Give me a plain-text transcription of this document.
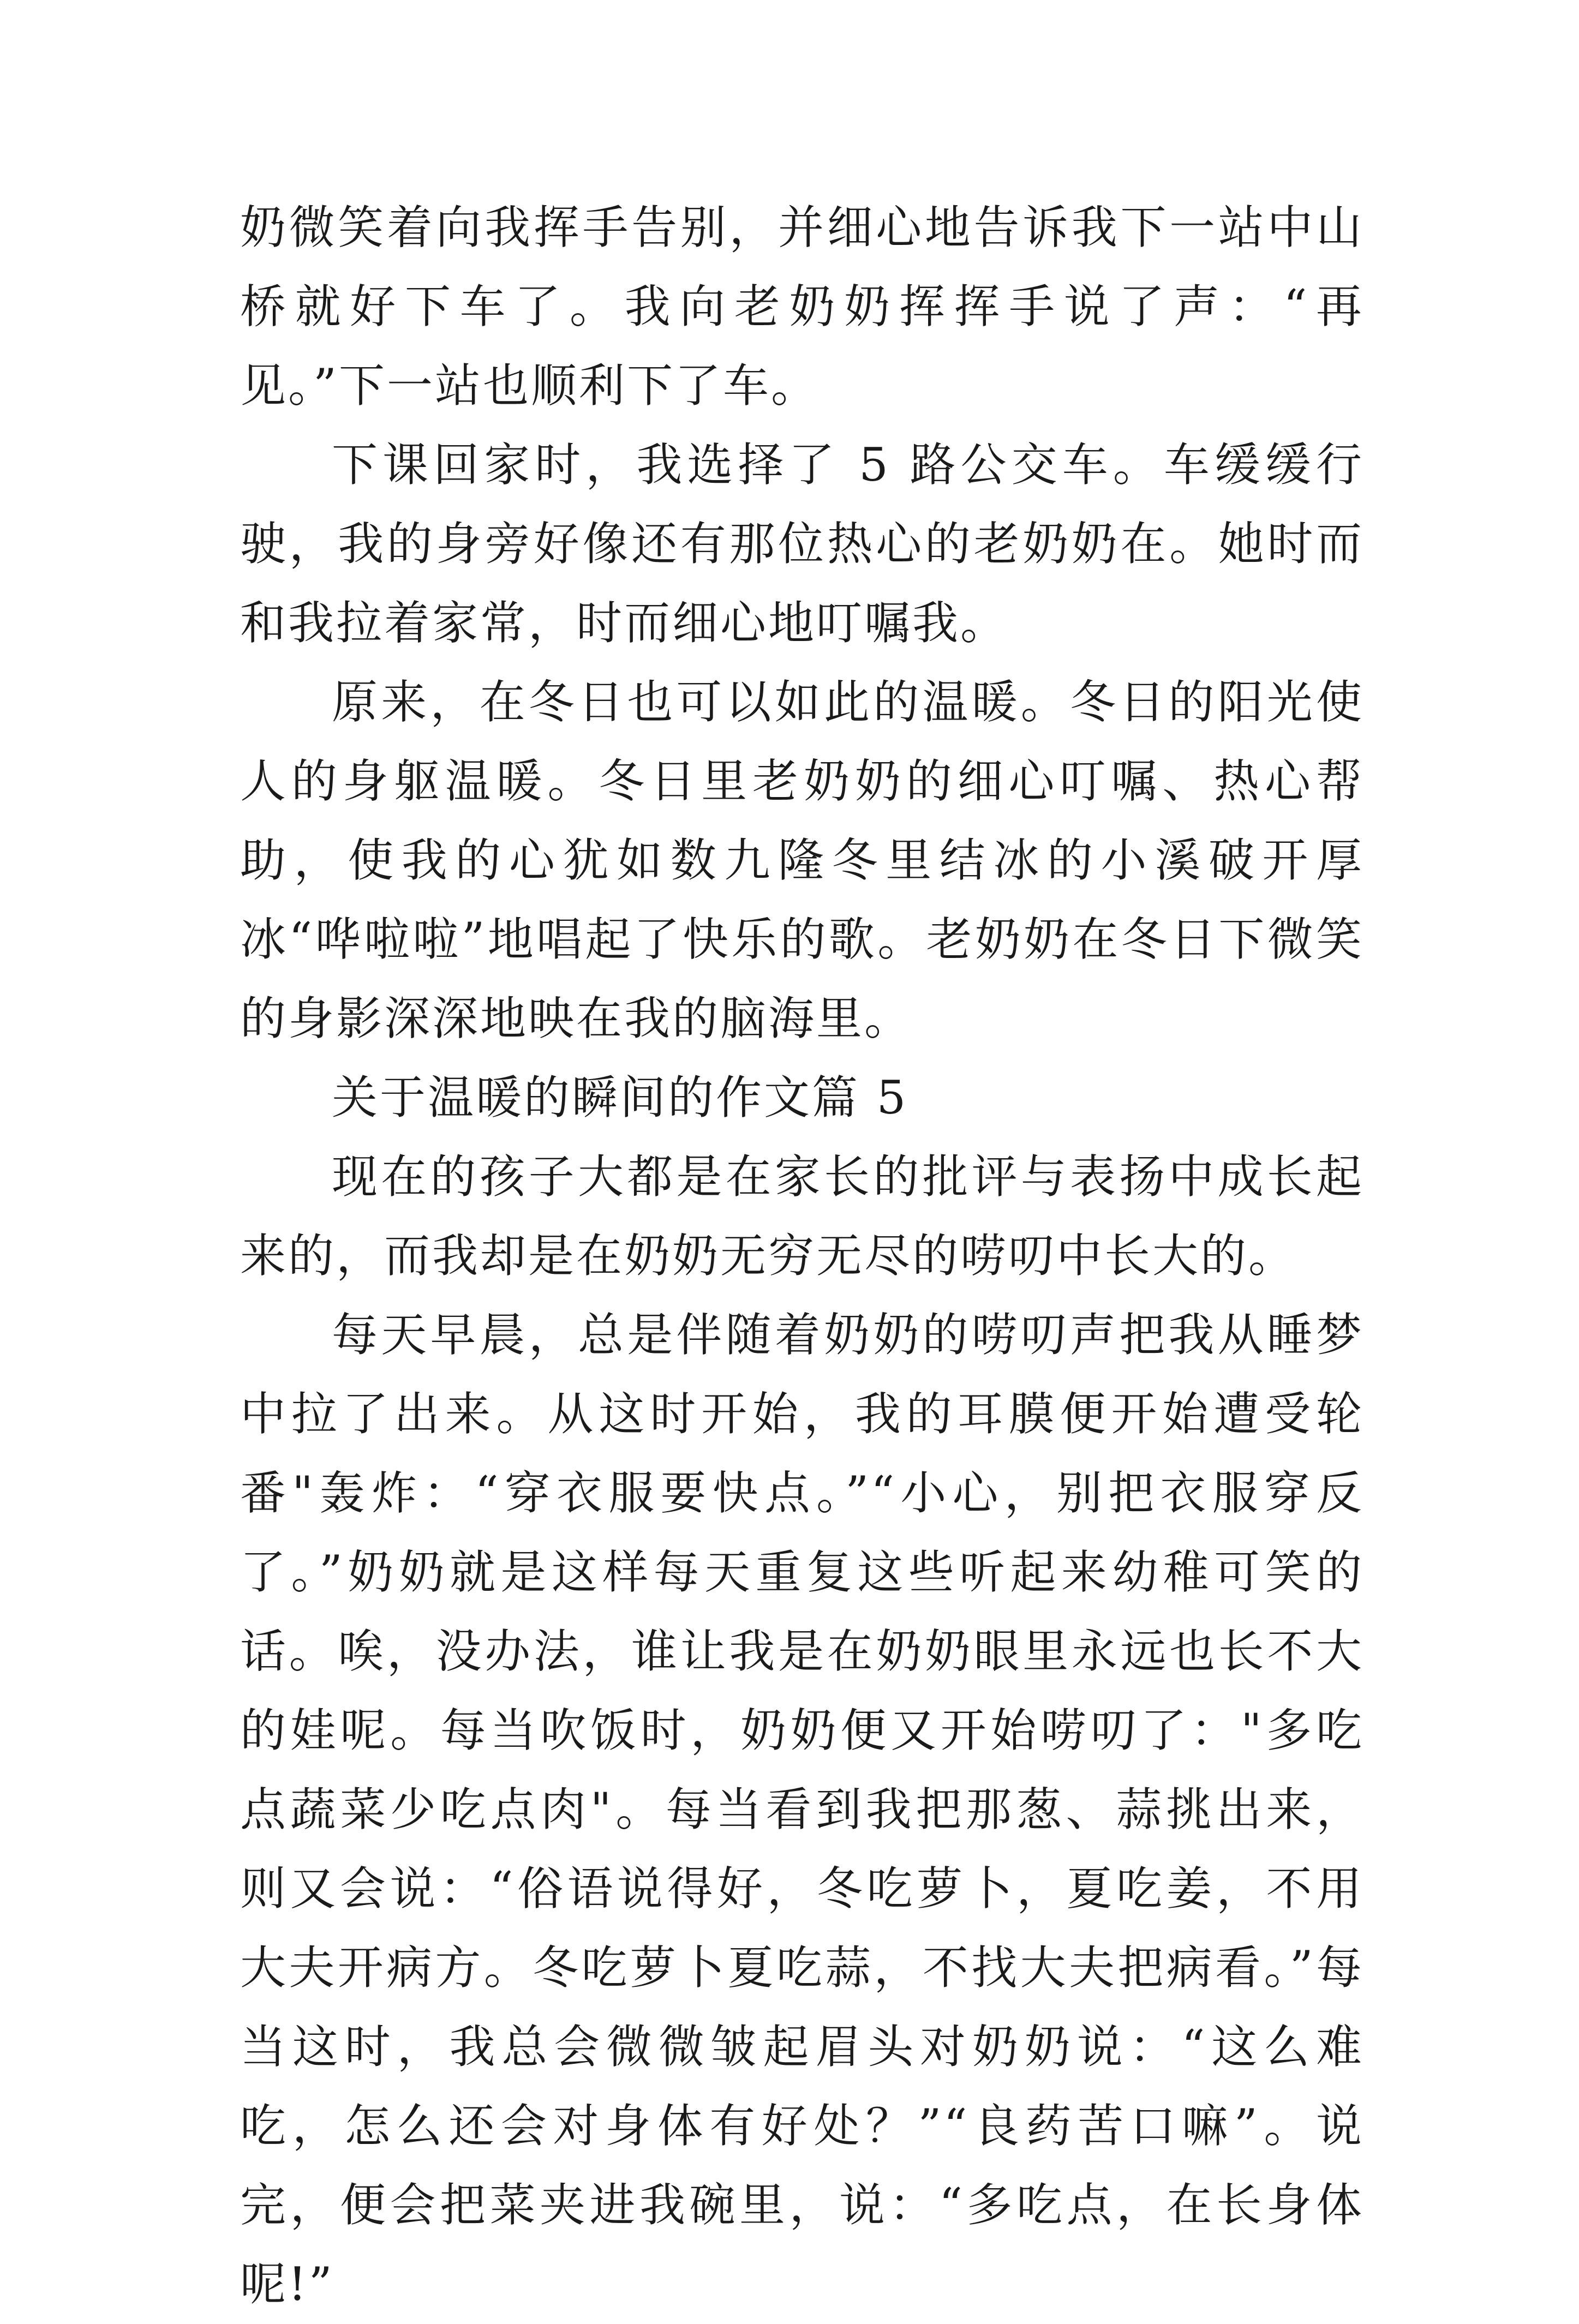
奶微笑着向我挥手告别，并细心地告诉我下一站中山桥就好下车了。我向老奶奶挥挥手说了声：“再见。”下一站也顺利下了车。

下课回家时，我选择了 5 路公交车。车缓缓行驶，我的身旁好像还有那位热心的老奶奶在。她时而和我拉着家常，时而细心地叮嘱我。

原来，在冬日也可以如此的温暖。冬日的阳光使人的身躯温暖。冬日里老奶奶的细心叮嘱、热心帮助，使我的心犹如数九隆冬里结冰的小溪破开厚冰“哗啦啦”地唱起了快乐的歌。老奶奶在冬日下微笑的身影深深地映在我的脑海里。

关于温暖的瞬间的作文篇 5

现在的孩子大都是在家长的批评与表扬中成长起来的，而我却是在奶奶无穷无尽的唠叨中长大的。

每天早晨，总是伴随着奶奶的唠叨声把我从睡梦中拉了出来。从这时开始，我的耳膜便开始遭受轮番"轰炸：“穿衣服要快点。”“小心，别把衣服穿反了。”奶奶就是这样每天重复这些听起来幼稚可笑的话。唉，没办法，谁让我是在奶奶眼里永远也长不大的娃呢。每当吹饭时，奶奶便又开始唠叨了："多吃点蔬菜少吃点肉"。每当看到我把那葱、蒜挑出来，则又会说：“俗语说得好，冬吃萝卜，夏吃姜，不用大夫开病方。冬吃萝卜夏吃蒜，不找大夫把病看。”每当这时，我总会微微皱起眉头对奶奶说：“这么难吃，怎么还会对身体有好处？”“良药苦口嘛”。说完，便会把菜夹进我碗里，说：“多吃点，在长身体呢!”
